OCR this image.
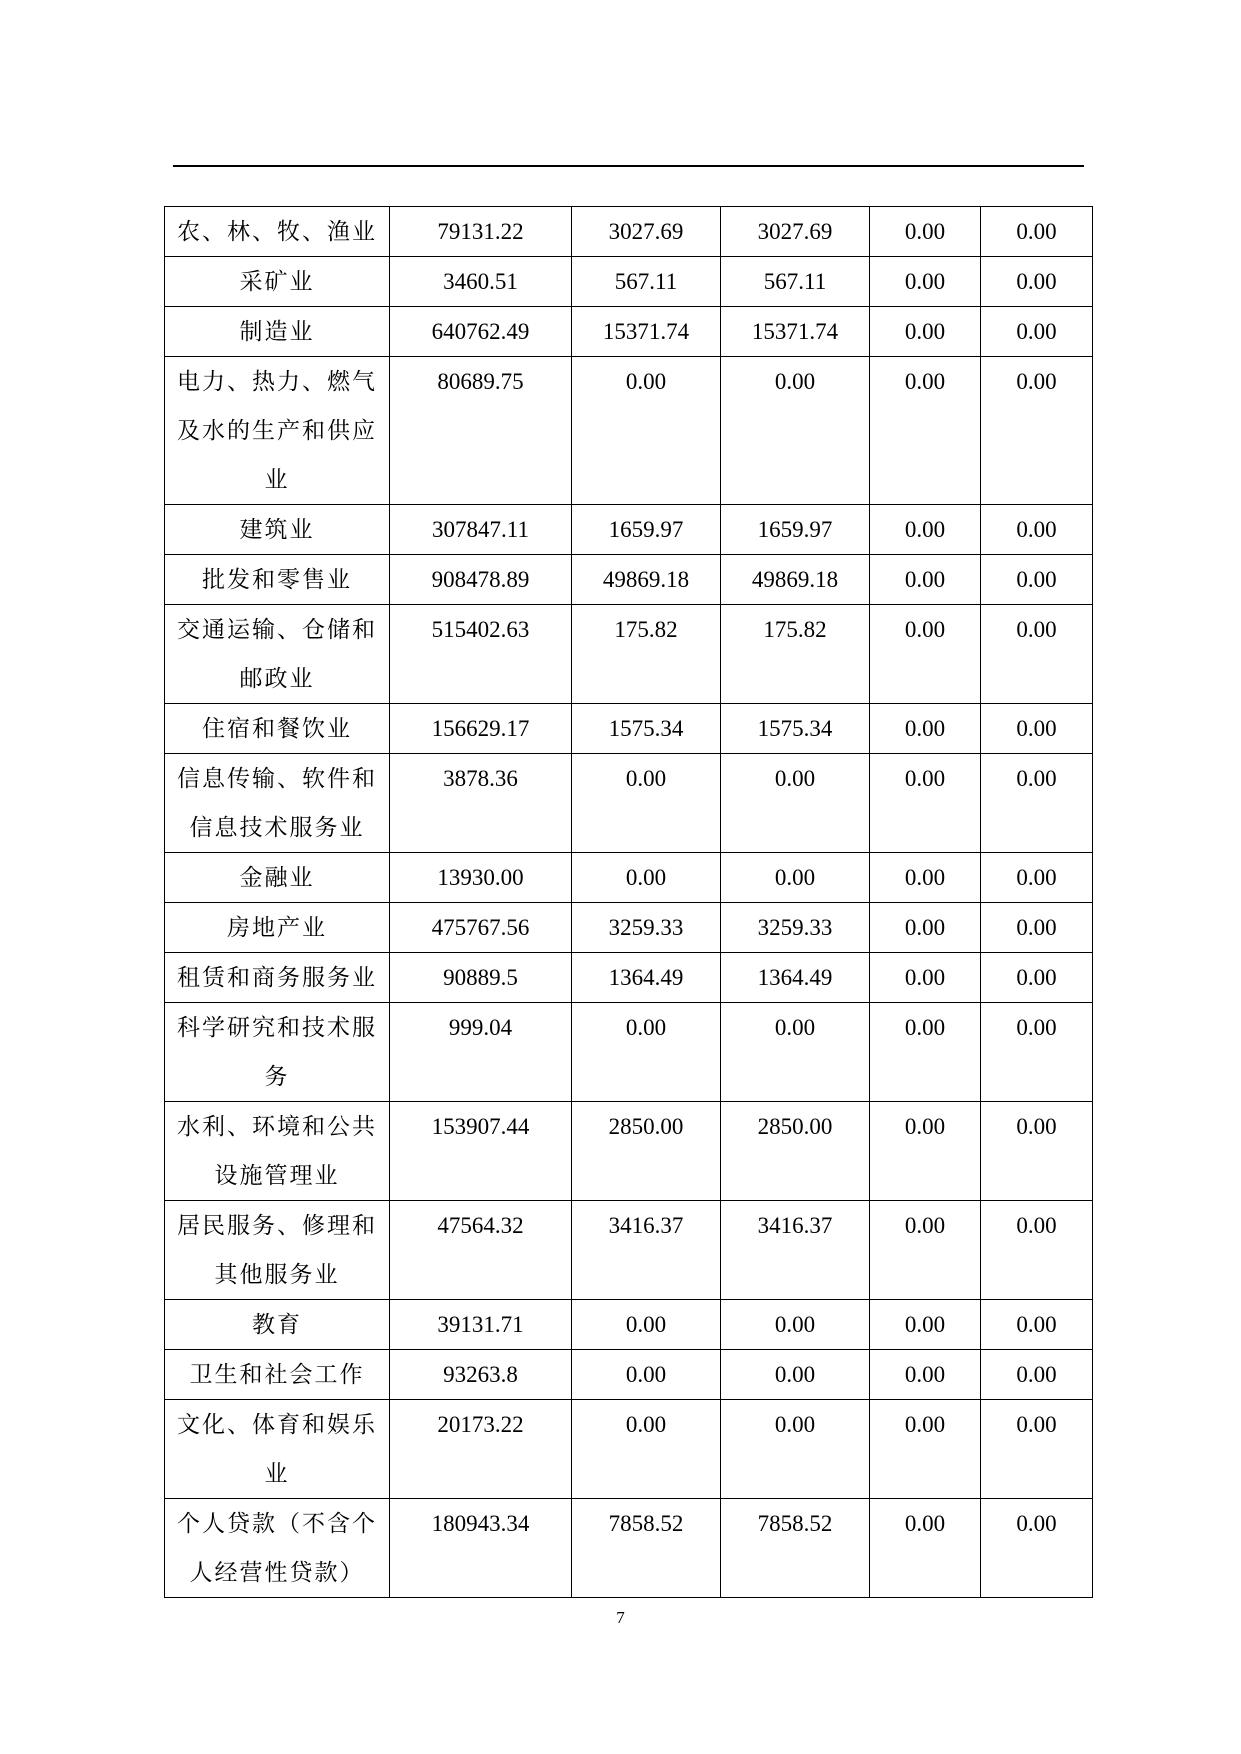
农、林、牧、渔业	79131.22	3027.69	3027.69	0.00	0.00

采矿业	3460.51	567.11	567.11	0.00	0.00

制造业	640762.49	15371.74	15371.74	0.00	0.00

电力、热力、燃气及水的生产和供应业	80689.75	0.00	0.00	0.00	0.00

建筑业	307847.11	1659.97	1659.97	0.00	0.00

批发和零售业	908478.89	49869.18	49869.18	0.00	0.00

交通运输、仓储和邮政业	515402.63	175.82	175.82	0.00	0.00

住宿和餐饮业	156629.17	1575.34	1575.34	0.00	0.00

信息传输、软件和信息技术服务业	3878.36	0.00	0.00	0.00	0.00

金融业	13930.00	0.00	0.00	0.00	0.00

房地产业	475767.56	3259.33	3259.33	0.00	0.00

租赁和商务服务业	90889.5	1364.49	1364.49	0.00	0.00

科学研究和技术服务	999.04	0.00	0.00	0.00	0.00

水利、环境和公共设施管理业	153907.44	2850.00	2850.00	0.00	0.00

居民服务、修理和其他服务业	47564.32	3416.37	3416.37	0.00	0.00

教育	39131.71	0.00	0.00	0.00	0.00

卫生和社会工作	93263.8	0.00	0.00	0.00	0.00

文化、体育和娱乐业	20173.22	0.00	0.00	0.00	0.00

个人贷款（不含个人经营性贷款）	180943.34	7858.52	7858.52	0.00	0.00
7
